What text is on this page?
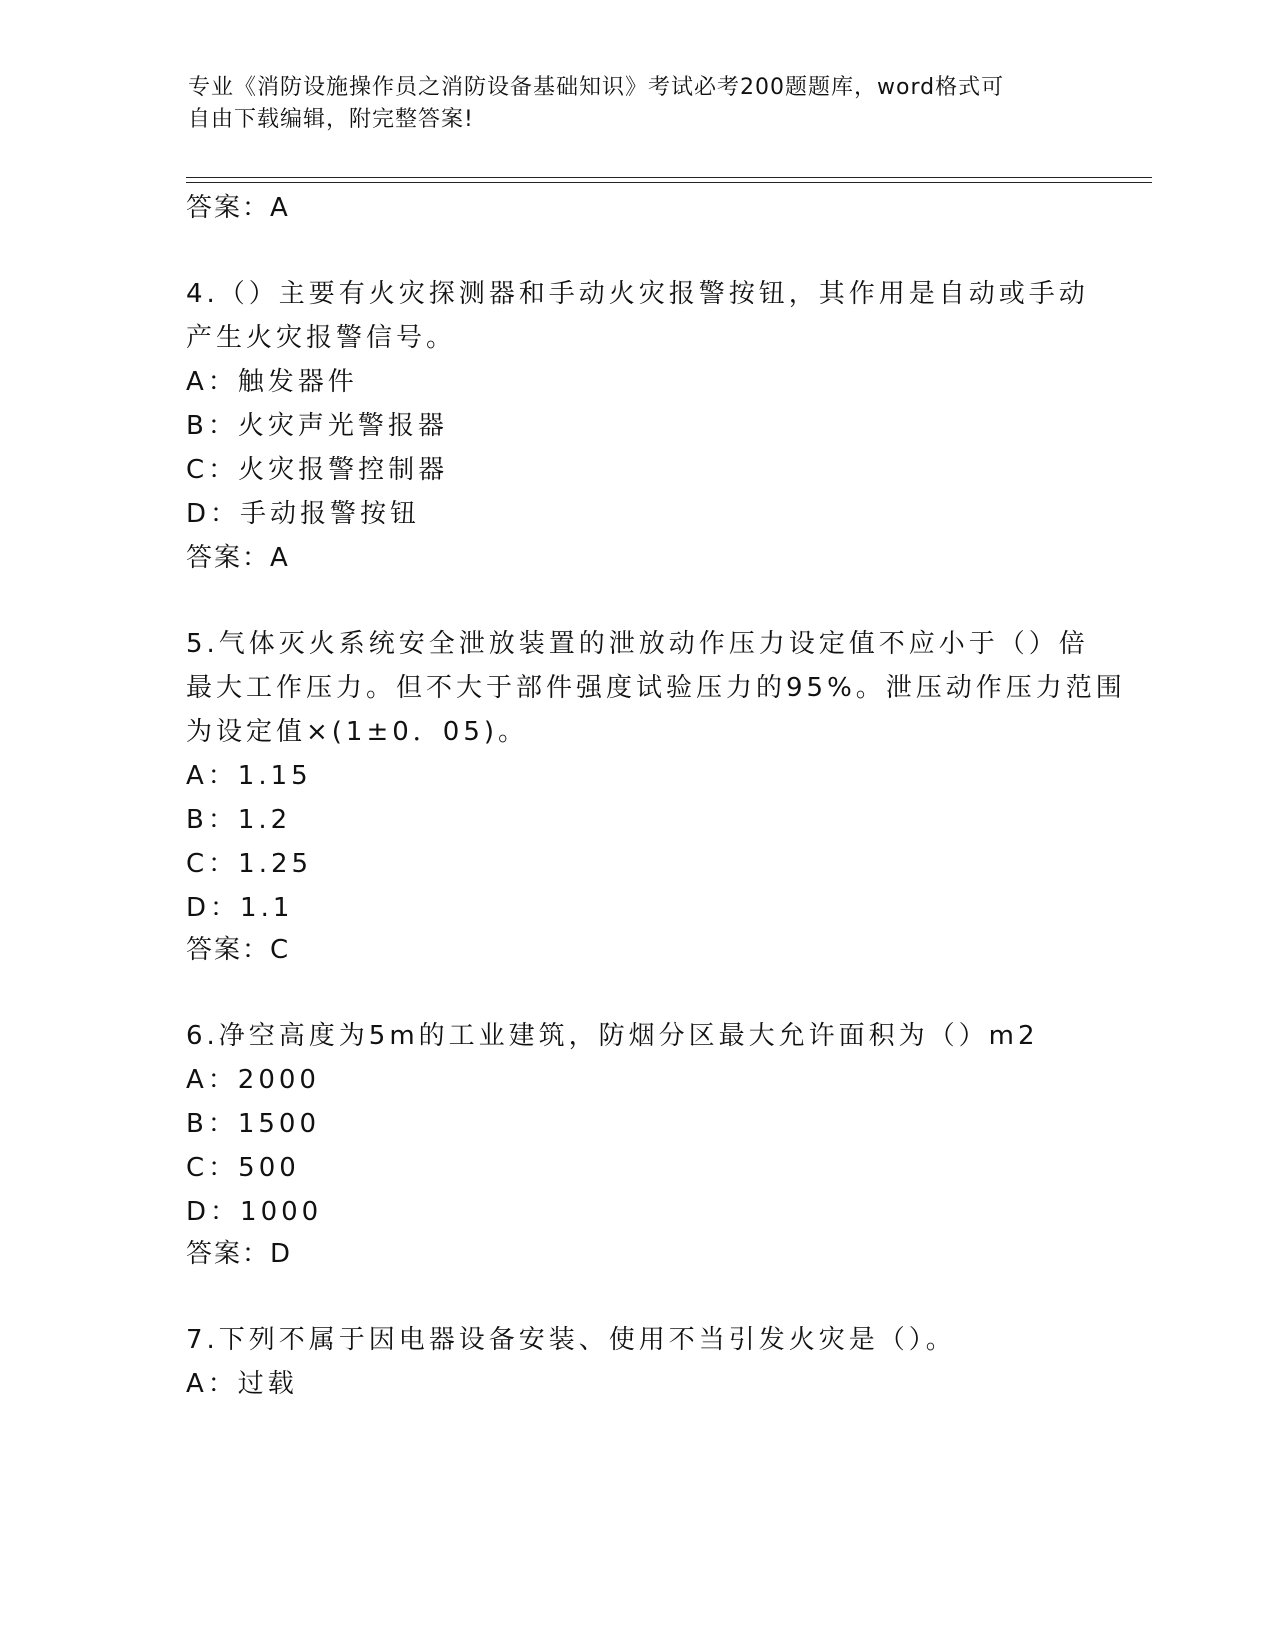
专业《消防设施操作员之消防设备基础知识》考试必考200题题库，word格式可
自由下载编辑，附完整答案!
答案：A
4.（）主要有火灾探测器和手动火灾报警按钮，其作用是自动或手动
产生火灾报警信号。
A：触发器件
B：火灾声光警报器
C：火灾报警控制器
D：手动报警按钮
答案：A
5.气体灭火系统安全泄放装置的泄放动作压力设定值不应小于（）倍
最大工作压力。但不大于部件强度试验压力的95%。泄压动作压力范围
为设定值×(1±0．05)。
A：1.15
B：1.2
C：1.25
D：1.1
答案：C
6.净空高度为5m的工业建筑，防烟分区最大允许面积为（）m2
A：2000
B：1500
C：500
D：1000
答案：D
7.下列不属于因电器设备安装、使用不当引发火灾是（）。
A：过载
